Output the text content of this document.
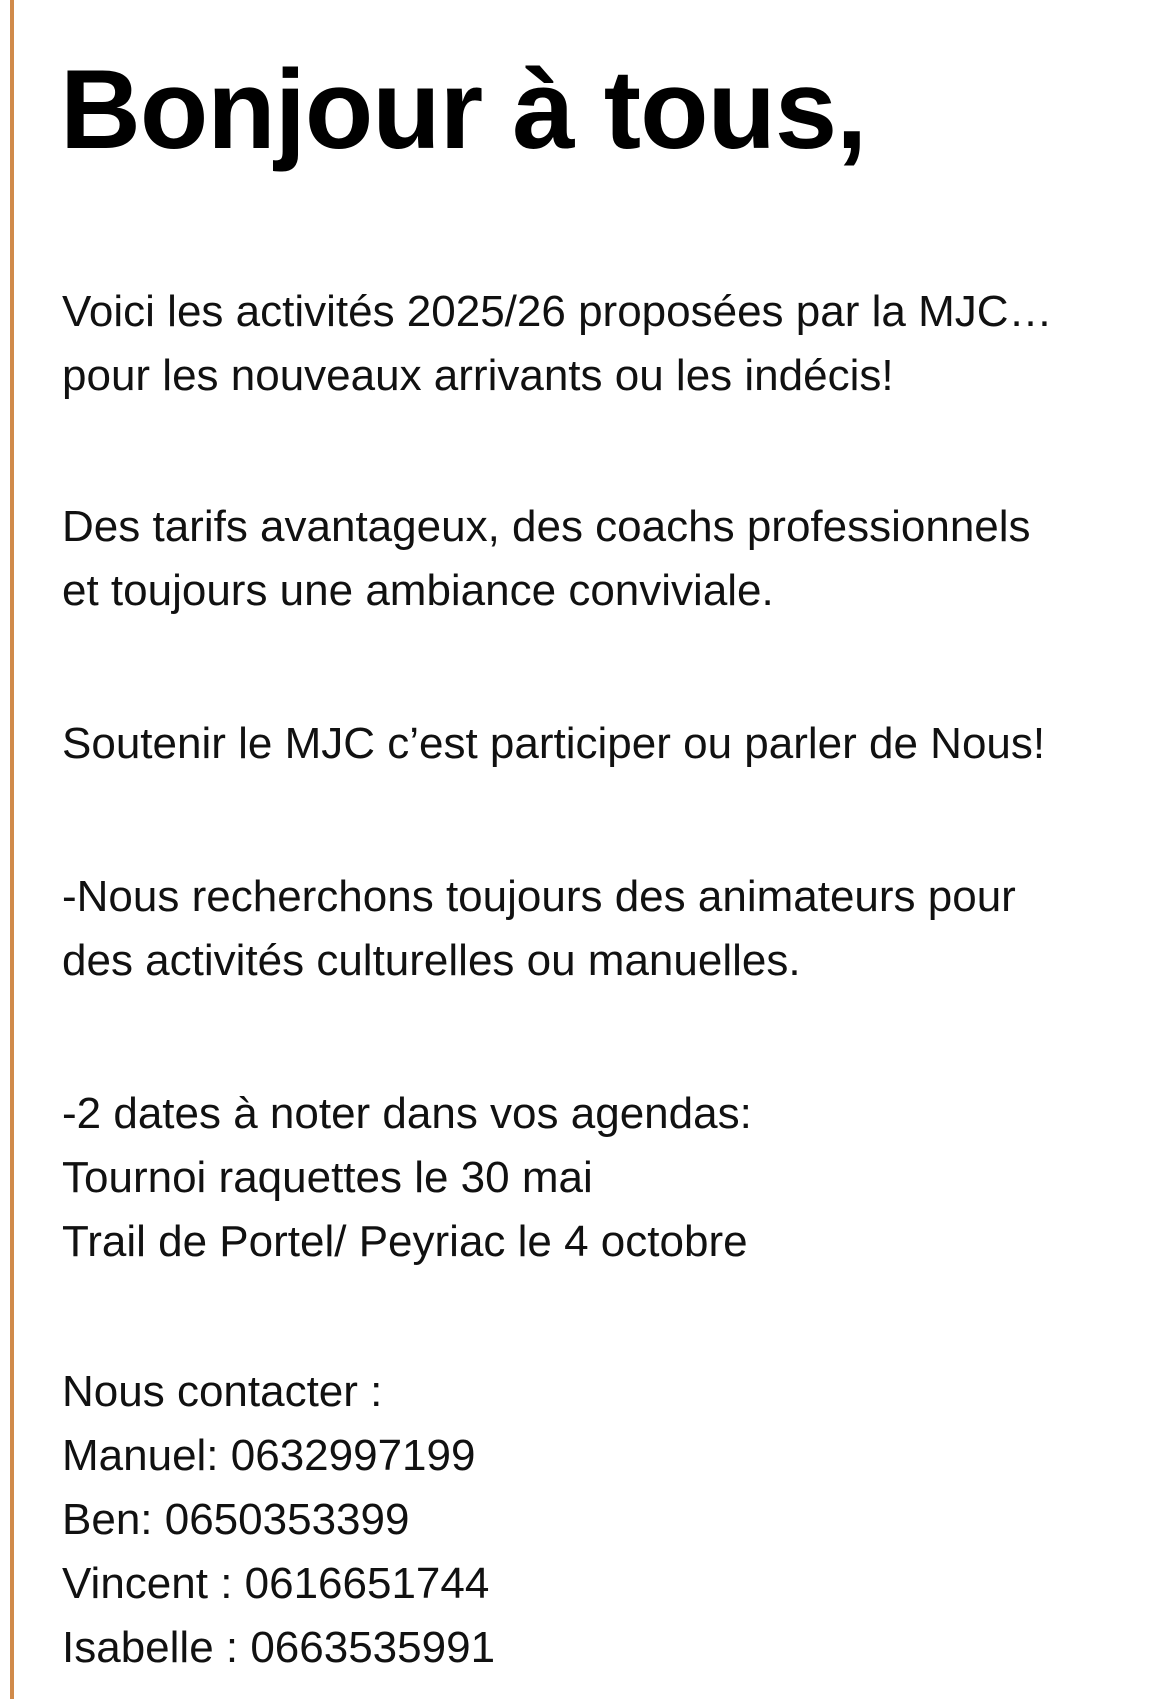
Bonjour à tous,

Voici les activités 2025/26 proposées par la MJC…
pour les nouveaux arrivants ou les indécis!

Des tarifs avantageux, des coachs professionnels
et toujours une ambiance conviviale.

Soutenir le MJC c’est participer ou parler de Nous!

-Nous recherchons toujours des animateurs pour
des activités culturelles ou manuelles.

-2 dates à noter dans vos agendas:
Tournoi raquettes le 30 mai
Trail de Portel/ Peyriac le 4 octobre

Nous contacter :
Manuel: 0632997199
Ben: 0650353399
Vincent : 0616651744
Isabelle : 0663535991
